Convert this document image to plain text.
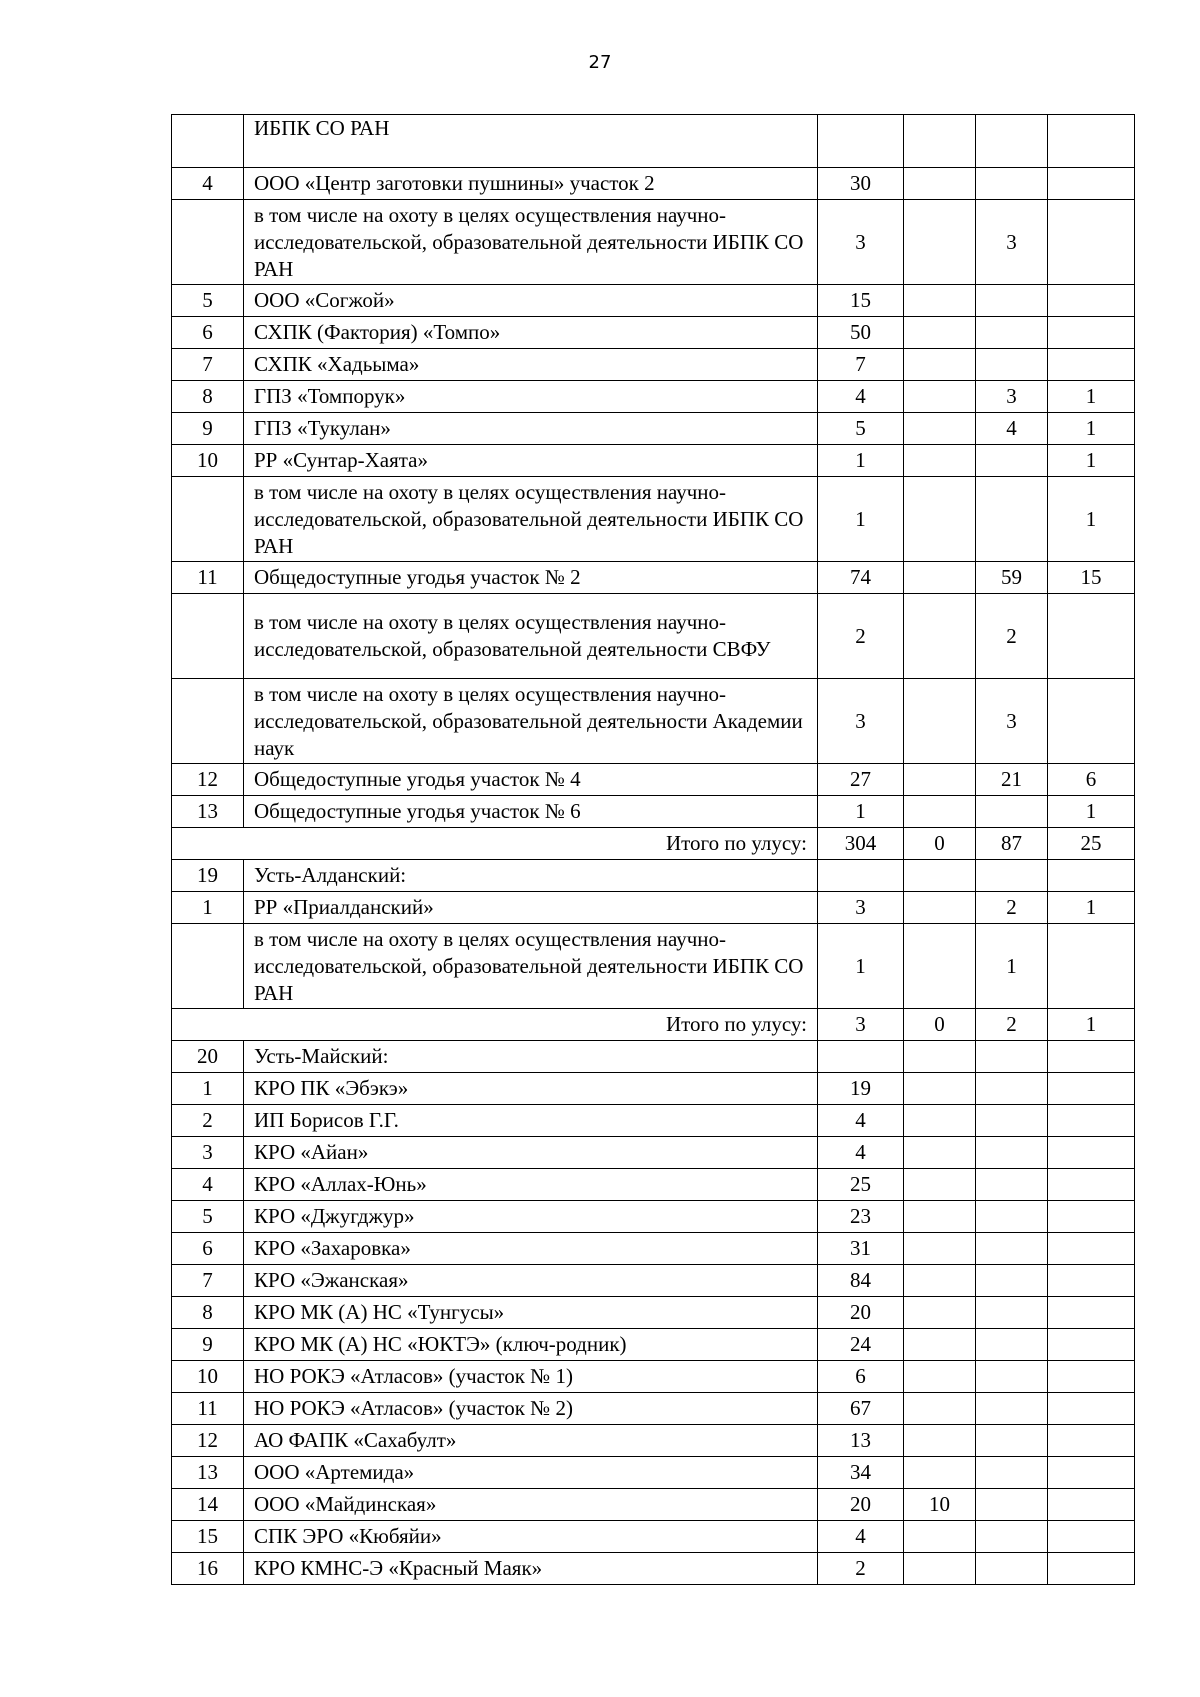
27
	ИБПК СО РАН				
4	ООО «Центр заготовки пушнины» участок 2	30			
	в том числе на охоту в целях осуществления научно-исследовательской, образовательной деятельности ИБПК СО РАН	3		3	
5	ООО «Согжой»	15			
6	СХПК (Фактория) «Томпо»	50			
7	СХПК «Хадьыма»	7			
8	ГПЗ «Томпорук»	4		3	1
9	ГПЗ «Тукулан»	5		4	1
10	РР «Сунтар-Хаята»	1			1
	в том числе на охоту в целях осуществления научно-исследовательской, образовательной деятельности ИБПК СО РАН	1			1
11	Общедоступные угодья участок № 2	74		59	15
	в том числе на охоту в целях осуществления научно-исследовательской, образовательной деятельности СВФУ	2		2	
	в том числе на охоту в целях осуществления научно-исследовательской, образовательной деятельности Академии наук	3		3	
12	Общедоступные угодья участок № 4	27		21	6
13	Общедоступные угодья участок № 6	1			1
Итого по улусу:		304	0	87	25
19	Усть-Алданский:				
1	РР «Приалданский»	3		2	1
	в том числе на охоту в целях осуществления научно-исследовательской, образовательной деятельности ИБПК СО РАН	1		1	
Итого по улусу:		3	0	2	1
20	Усть-Майский:				
1	КРО ПК «Эбэкэ»	19			
2	ИП Борисов Г.Г.	4			
3	КРО «Айан»	4			
4	КРО «Аллах-Юнь»	25			
5	КРО «Джугджур»	23			
6	КРО «Захаровка»	31			
7	КРО «Эжанская»	84			
8	КРО МК (А) НС «Тунгусы»	20			
9	КРО МК (А) НС «ЮКТЭ» (ключ-родник)	24			
10	НО РОКЭ «Атласов» (участок № 1)	6			
11	НО РОКЭ «Атласов» (участок № 2)	67			
12	АО ФАПК «Сахабулт»	13			
13	ООО «Артемида»	34			
14	ООО «Майдинская»	20	10		
15	СПК ЭРО «Кюбяйи»	4			
16	КРО КМНС-Э «Красный Маяк»	2			
